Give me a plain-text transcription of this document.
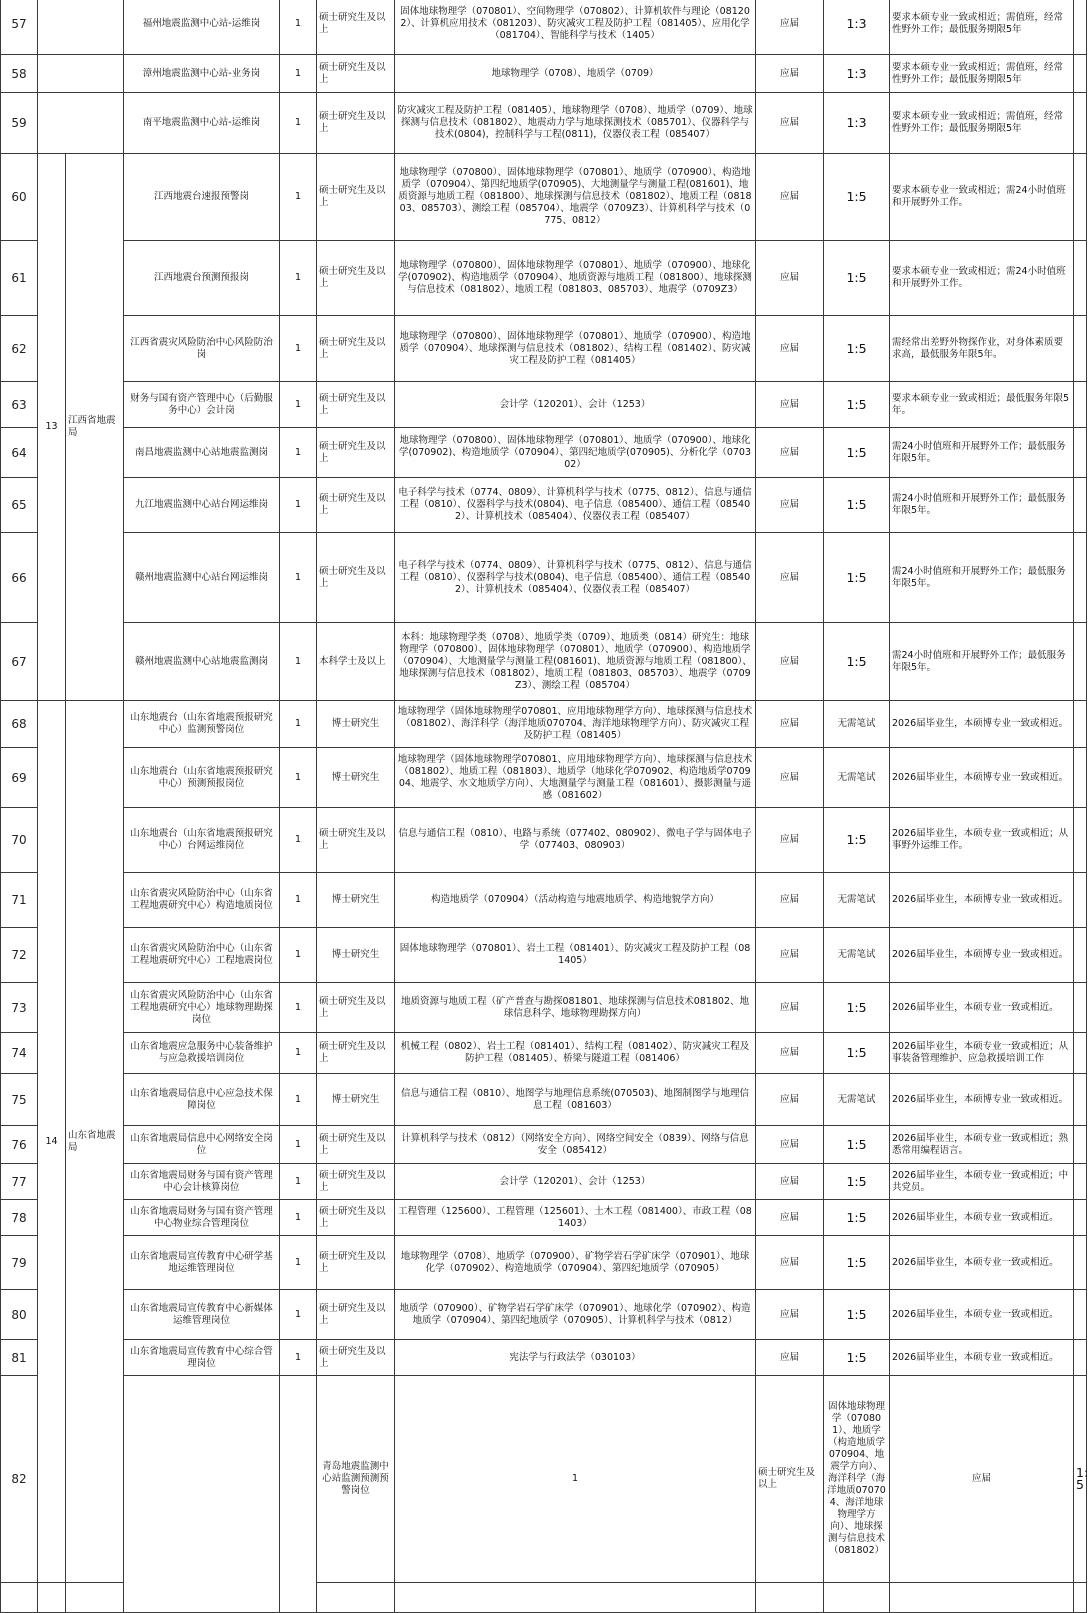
57			福州地震监测中心站-运维岗	1	硕士研究生及以上	固体地球物理学（070801）、空间物理学（070802）、计算机软件与理论（081202）、计算机应用技术（081203）、防灾减灾工程及防护工程（081405）、应用化学（081704）、智能科学与技术（1405）	应届	1:3	要求本硕专业一致或相近；需值班，经常性野外工作；最低服务期限5年		
58			漳州地震监测中心站-业务岗	1	硕士研究生及以上	地球物理学（0708）、地质学（0709）	应届	1:3	要求本硕专业一致或相近；需值班，经常性野外工作；最低服务期限5年		
59			南平地震监测中心站-运维岗	1	硕士研究生及以上	防灾减灾工程及防护工程（081405）、地球物理学（0708）、地质学（0709）、地球探测与信息技术（081802）、地震动力学与地球探测技术（085701）、仪器科学与技术(0804)，控制科学与工程(0811)，仪器仪表工程（085407）	应届	1:3	要求本硕专业一致或相近；需值班，经常性野外工作；最低服务期限5年		
60	13	江西省地震局	江西地震台速报预警岗	1	硕士研究生及以上	地球物理学（070800）、固体地球物理学（070801）、地质学（070900）、构造地质学（070904）、第四纪地质学(070905)、大地测量学与测量工程(081601)、地质资源与地质工程（081800）、地球探测与信息技术（081802）、地质工程（081803、085703）、测绘工程（085704）、地震学（0709Z3）、计算机科学与技术（0775、0812）	应届	1:5	要求本硕专业一致或相近；需24小时值班和开展野外工作。		
61			江西地震台预测预报岗	1	硕士研究生及以上	地球物理学（070800）、固体地球物理学（070801）、地质学（070900）、地球化学(070902)、构造地质学（070904）、地质资源与地质工程（081800）、地球探测与信息技术（081802）、地质工程（081803、085703）、地震学（0709Z3）	应届	1:5	要求本硕专业一致或相近；需24小时值班和开展野外工作。		
62			江西省震灾风险防治中心风险防治岗	1	硕士研究生及以上	地球物理学（070800）、固体地球物理学（070801）、地质学（070900）、构造地质学（070904）、地球探测与信息技术（081802）、结构工程（081402）、防灾减灾工程及防护工程（081405）	应届	1:5	需经常出差野外物探作业，对身体素质要求高，最低服务年限5年。		
63			财务与国有资产管理中心（后勤服务中心）会计岗	1	硕士研究生及以上	会计学（120201）、会计（1253）	应届	1:5	要求本硕专业一致或相近；最低服务年限5年。		
64			南昌地震监测中心站地震监测岗	1	硕士研究生及以上	地球物理学（070800）、固体地球物理学（070801）、地质学（070900）、地球化学(070902)、构造地质学（070904）、第四纪地质学(070905)、分析化学（070302）	应届	1:5	需24小时值班和开展野外工作；最低服务年限5年。		
65			九江地震监测中心站台网运维岗	1	硕士研究生及以上	电子科学与技术（0774、0809）、计算机科学与技术（0775、0812）、信息与通信工程（0810）、仪器科学与技术(0804)、电子信息（085400）、通信工程（085402）、计算机技术（085404）、仪器仪表工程（085407）	应届	1:5	需24小时值班和开展野外工作；最低服务年限5年。		
66			赣州地震监测中心站台网运维岗	1	硕士研究生及以上	电子科学与技术（0774、0809）、计算机科学与技术（0775、0812）、信息与通信工程（0810）、仪器科学与技术(0804)、电子信息（085400）、通信工程（085402）、计算机技术（085404）、仪器仪表工程（085407）	应届	1:5	需24小时值班和开展野外工作；最低服务年限5年。		
67			赣州地震监测中心站地震监测岗	1	本科学士及以上	本科：地球物理学类（0708）、地质学类（0709）、地质类（0814）研究生：地球物理学（070800）、固体地球物理学（070801）、地质学（070900）、构造地质学（070904）、大地测量学与测量工程(081601)、地质资源与地质工程（081800）、地球探测与信息技术（081802）、地质工程（081803、085703）、地震学（0709Z3）、测绘工程（085704）	应届	1:5	需24小时值班和开展野外工作；最低服务年限5年。		
68	14	山东省地震局	山东地震台（山东省地震预报研究中心）监测预警岗位	1	博士研究生	地球物理学（固体地球物理学070801、应用地球物理学方向）、地球探测与信息技术（081802）、海洋科学（海洋地质070704、海洋地球物理学方向）、防灾减灾工程及防护工程（081405）	应届	无需笔试	2026届毕业生，本硕博专业一致或相近。		
69			山东地震台（山东省地震预报研究中心）预测预报岗位	1	博士研究生	地球物理学（固体地球物理学070801、应用地球物理学方向）、地球探测与信息技术（081802）、地质工程（081803）、地质学（地球化学070902、构造地质学070904、地震学、水文地质学方向）、大地测量学与测量工程（081601）、摄影测量与遥感（081602）	应届	无需笔试	2026届毕业生，本硕博专业一致或相近。		
70			山东地震台（山东省地震预报研究中心）台网运维岗位	1	硕士研究生及以上	信息与通信工程（0810）、电路与系统（077402、080902）、微电子学与固体电子学（077403、080903）	应届	1:5	2026届毕业生，本硕专业一致或相近；从事野外运维工作。		
71			山东省震灾风险防治中心（山东省工程地震研究中心）构造地质岗位	1	博士研究生	构造地质学（070904）（活动构造与地震地质学、构造地貌学方向）	应届	无需笔试	2026届毕业生，本硕博专业一致或相近。		
72			山东省震灾风险防治中心（山东省工程地震研究中心）工程地震岗位	1	博士研究生	固体地球物理学（070801）、岩土工程（081401）、防灾减灾工程及防护工程（081405）	应届	无需笔试	2026届毕业生，本硕博专业一致或相近。		
73			山东省震灾风险防治中心（山东省工程地震研究中心）地球物理勘探岗位	1	硕士研究生及以上	地质资源与地质工程（矿产普查与勘探081801、地球探测与信息技术081802、地球信息科学、地球物理勘探方向）	应届	1:5	2026届毕业生，本硕专业一致或相近。		
74			山东省地震应急服务中心装备维护与应急救援培训岗位	1	硕士研究生及以上	机械工程（0802）、岩土工程（081401）、结构工程（081402）、防灾减灾工程及防护工程（081405）、桥梁与隧道工程（081406）	应届	1:5	2026届毕业生，本硕专业一致或相近；从事装备管理维护、应急救援培训工作		
75			山东省地震局信息中心应急技术保障岗位	1	博士研究生	信息与通信工程（0810）、地图学与地理信息系统(070503)、地图制图学与地理信息工程（081603）	应届	无需笔试	2026届毕业生，本硕博专业一致或相近。		
76			山东省地震局信息中心网络安全岗位	1	硕士研究生及以上	计算机科学与技术（0812）（网络安全方向）、网络空间安全（0839）、网络与信息安全（085412）	应届	1:5	2026届毕业生，本硕专业一致或相近；熟悉常用编程语言。		
77			山东省地震局财务与国有资产管理中心会计核算岗位	1	硕士研究生及以上	会计学（120201）、会计（1253）	应届	1:5	2026届毕业生，本硕专业一致或相近；中共党员。		
78			山东省地震局财务与国有资产管理中心物业综合管理岗位	1	硕士研究生及以上	工程管理（125600）、工程管理（125601）、土木工程（081400）、市政工程（081403）	应届	1:5	2026届毕业生，本硕专业一致或相近。		
79			山东省地震局宣传教育中心研学基地运维管理岗位	1	硕士研究生及以上	地球物理学（0708）、地质学（070900）、矿物学岩石学矿床学（070901）、地球化学（070902）、构造地质学（070904）、第四纪地质学（070905）	应届	1:5	2026届毕业生，本硕专业一致或相近。		
80			山东省地震局宣传教育中心新媒体运维管理岗位	1	硕士研究生及以上	地质学（070900）、矿物学岩石学矿床学（070901）、地球化学（070902）、构造地质学（070904）、第四纪地质学（070905）、计算机科学与技术（0812）	应届	1:5	2026届毕业生，本硕专业一致或相近。		
81			山东省地震局宣传教育中心综合管理岗位	1	硕士研究生及以上	宪法学与行政法学（030103）	应届	1:5	2026届毕业生，本硕专业一致或相近。		
82					青岛地震监测中心站监测预测预警岗位	1	硕士研究生及以上	固体地球物理学（070801）、地质学（构造地质学070904、地震学方向）、海洋科学（海洋地质070704、海洋地球物理学方向）、地球探测与信息技术（081802）	应届	1:5		
